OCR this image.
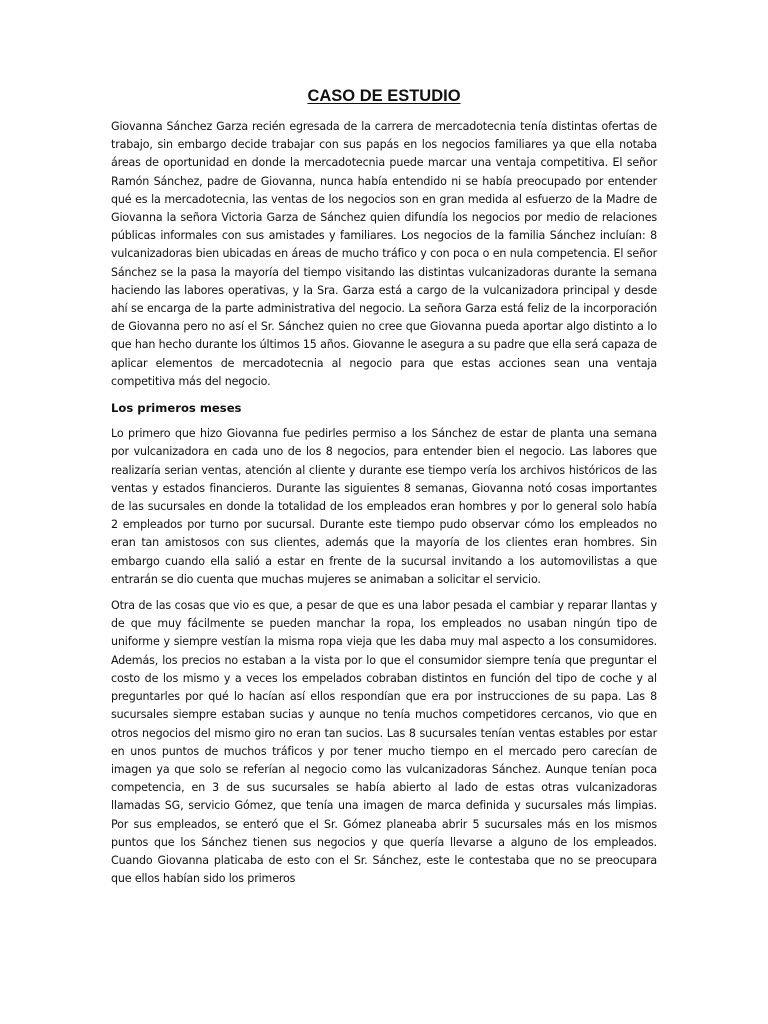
CASO DE ESTUDIO

Giovanna Sánchez Garza recién egresada de la carrera de mercadotecnia tenía distintas ofertas de trabajo, sin embargo decide trabajar con sus papás en los negocios familiares ya que ella notaba áreas de oportunidad en donde la mercadotecnia puede marcar una ventaja competitiva. El señor Ramón Sánchez, padre de Giovanna, nunca había entendido ni se había preocupado por entender qué es la mercadotecnia, las ventas de los negocios son en gran medida al esfuerzo de la Madre de Giovanna la señora Victoria Garza de Sánchez quien difundía los negocios por medio de relaciones públicas informales con sus amistades y familiares. Los negocios de la familia Sánchez incluían: 8 vulcanizadoras bien ubicadas en áreas de mucho tráfico y con poca o en nula competencia. El señor Sánchez se la pasa la mayoría del tiempo visitando las distintas vulcanizadoras durante la semana haciendo las labores operativas, y la Sra. Garza está a cargo de la vulcanizadora principal y desde ahí se encarga de la parte administrativa del negocio. La señora Garza está feliz de la incorporación de Giovanna pero no así el Sr. Sánchez quien no cree que Giovanna pueda aportar algo distinto a lo que han hecho durante los últimos 15 años. Giovanne le asegura a su padre que ella será capaza de aplicar elementos de mercadotecnia al negocio para que estas acciones sean una ventaja competitiva más del negocio.

Los primeros meses

Lo primero que hizo Giovanna fue pedirles permiso a los Sánchez de estar de planta una semana por vulcanizadora en cada uno de los 8 negocios, para entender bien el negocio. Las labores que realizaría serian ventas, atención al cliente y durante ese tiempo vería los archivos históricos de las ventas y estados financieros. Durante las siguientes 8 semanas, Giovanna notó cosas importantes de las sucursales en donde la totalidad de los empleados eran hombres y por lo general solo había 2 empleados por turno por sucursal. Durante este tiempo pudo observar cómo los empleados no eran tan amistosos con sus clientes, además que la mayoría de los clientes eran hombres. Sin embargo cuando ella salió a estar en frente de la sucursal invitando a los automovilistas a que entrarán se dio cuenta que muchas mujeres se animaban a solicitar el servicio.

Otra de las cosas que vio es que, a pesar de que es una labor pesada el cambiar y reparar llantas y de que muy fácilmente se pueden manchar la ropa, los empleados no usaban ningún tipo de uniforme y siempre vestían la misma ropa vieja que les daba muy mal aspecto a los consumidores. Además, los precios no estaban a la vista por lo que el consumidor siempre tenía que preguntar el costo de los mismo y a veces los empelados cobraban distintos en función del tipo de coche y al preguntarles por qué lo hacían así ellos respondían que era por instrucciones de su papa. Las 8 sucursales siempre estaban sucias y aunque no tenía muchos competidores cercanos, vio que en otros negocios del mismo giro no eran tan sucios. Las 8 sucursales tenían ventas estables por estar en unos puntos de muchos tráficos y por tener mucho tiempo en el mercado pero carecían de imagen ya que solo se referían al negocio como las vulcanizadoras Sánchez. Aunque tenían poca competencia, en 3 de sus sucursales se había abierto al lado de estas otras vulcanizadoras llamadas SG, servicio Gómez, que tenía una imagen de marca definida y sucursales más limpias. Por sus empleados, se enteró que el Sr. Gómez planeaba abrir 5 sucursales más en los mismos puntos que los Sánchez tienen sus negocios y que quería llevarse a alguno de los empleados. Cuando Giovanna platicaba de esto con el Sr. Sánchez, este le contestaba que no se preocupara que ellos habían sido los primeros
